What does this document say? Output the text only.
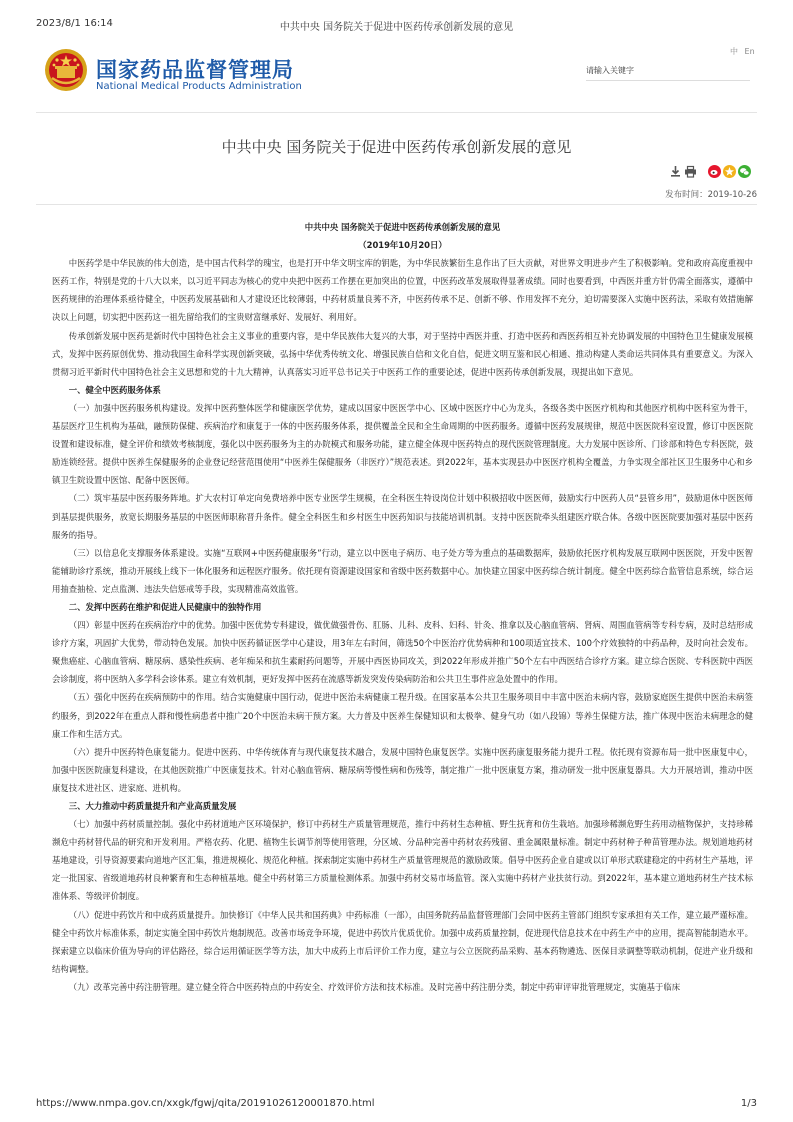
2023/8/1 16:14	中共中央 国务院关于促进中医药传承创新发展的意见
国家药品监督管理局
National Medical Products Administration
中 En
请输入关键字
中共中央 国务院关于促进中医药传承创新发展的意见
发布时间：2019-10-26

中共中央 国务院关于促进中医药传承创新发展的意见

（2019年10月20日）

中医药学是中华民族的伟大创造，是中国古代科学的瑰宝，也是打开中华文明宝库的钥匙，为中华民族繁衍生息作出了巨大贡献，对世界文明进步产生了积极影响。党和政府高度重视中医药工作，特别是党的十八大以来，以习近平同志为核心的党中央把中医药工作摆在更加突出的位置，中医药改革发展取得显著成绩。同时也要看到，中西医并重方针仍需全面落实，遵循中医药规律的治理体系亟待健全，中医药发展基础和人才建设还比较薄弱，中药材质量良莠不齐，中医药传承不足、创新不够、作用发挥不充分，迫切需要深入实施中医药法，采取有效措施解决以上问题，切实把中医药这一祖先留给我们的宝贵财富继承好、发展好、利用好。

传承创新发展中医药是新时代中国特色社会主义事业的重要内容，是中华民族伟大复兴的大事，对于坚持中西医并重、打造中医药和西医药相互补充协调发展的中国特色卫生健康发展模式，发挥中医药原创优势、推动我国生命科学实现创新突破，弘扬中华优秀传统文化、增强民族自信和文化自信，促进文明互鉴和民心相通、推动构建人类命运共同体具有重要意义。为深入贯彻习近平新时代中国特色社会主义思想和党的十九大精神，认真落实习近平总书记关于中医药工作的重要论述，促进中医药传承创新发展，现提出如下意见。

一、健全中医药服务体系

（一）加强中医药服务机构建设。发挥中医药整体医学和健康医学优势，建成以国家中医医学中心、区域中医医疗中心为龙头，各级各类中医医疗机构和其他医疗机构中医科室为骨干，基层医疗卫生机构为基础，融预防保健、疾病治疗和康复于一体的中医药服务体系，提供覆盖全民和全生命周期的中医药服务。遵循中医药发展规律，规范中医医院科室设置，修订中医医院设置和建设标准，健全评价和绩效考核制度，强化以中医药服务为主的办院模式和服务功能，建立健全体现中医药特点的现代医院管理制度。大力发展中医诊所、门诊部和特色专科医院，鼓励连锁经营。提供中医养生保健服务的企业登记经营范围使用“中医养生保健服务（非医疗）”规范表述。到2022年，基本实现县办中医医疗机构全覆盖，力争实现全部社区卫生服务中心和乡镇卫生院设置中医馆、配备中医医师。

（二）筑牢基层中医药服务阵地。扩大农村订单定向免费培养中医专业医学生规模，在全科医生特设岗位计划中积极招收中医医师，鼓励实行中医药人员“县管乡用”，鼓励退休中医医师到基层提供服务，放宽长期服务基层的中医医师职称晋升条件。健全全科医生和乡村医生中医药知识与技能培训机制。支持中医医院牵头组建医疗联合体。各级中医医院要加强对基层中医药服务的指导。

（三）以信息化支撑服务体系建设。实施“互联网+中医药健康服务”行动，建立以中医电子病历、电子处方等为重点的基础数据库，鼓励依托医疗机构发展互联网中医医院，开发中医智能辅助诊疗系统，推动开展线上线下一体化服务和远程医疗服务。依托现有资源建设国家和省级中医药数据中心。加快建立国家中医药综合统计制度。健全中医药综合监管信息系统，综合运用抽查抽检、定点监测、违法失信惩戒等手段，实现精准高效监管。

二、发挥中医药在维护和促进人民健康中的独特作用

（四）彰显中医药在疾病治疗中的优势。加强中医优势专科建设，做优做强骨伤、肛肠、儿科、皮科、妇科、针灸、推拿以及心脑血管病、肾病、周围血管病等专科专病，及时总结形成诊疗方案，巩固扩大优势，带动特色发展。加快中医药循证医学中心建设，用3年左右时间，筛选50个中医治疗优势病种和100项适宜技术、100个疗效独特的中药品种，及时向社会发布。聚焦癌症、心脑血管病、糖尿病、感染性疾病、老年痴呆和抗生素耐药问题等，开展中西医协同攻关，到2022年形成并推广50个左右中西医结合诊疗方案。建立综合医院、专科医院中西医会诊制度，将中医纳入多学科会诊体系。建立有效机制，更好发挥中医药在流感等新发突发传染病防治和公共卫生事件应急处置中的作用。

（五）强化中医药在疾病预防中的作用。结合实施健康中国行动，促进中医治未病健康工程升级。在国家基本公共卫生服务项目中丰富中医治未病内容，鼓励家庭医生提供中医治未病签约服务，到2022年在重点人群和慢性病患者中推广20个中医治未病干预方案。大力普及中医养生保健知识和太极拳、健身气功（如八段锦）等养生保健方法，推广体现中医治未病理念的健康工作和生活方式。

（六）提升中医药特色康复能力。促进中医药、中华传统体育与现代康复技术融合，发展中国特色康复医学。实施中医药康复服务能力提升工程。依托现有资源布局一批中医康复中心，加强中医医院康复科建设，在其他医院推广中医康复技术。针对心脑血管病、糖尿病等慢性病和伤残等，制定推广一批中医康复方案，推动研发一批中医康复器具。大力开展培训，推动中医康复技术进社区、进家庭、进机构。

三、大力推动中药质量提升和产业高质量发展

（七）加强中药材质量控制。强化中药材道地产区环境保护，修订中药材生产质量管理规范，推行中药材生态种植、野生抚育和仿生栽培。加强珍稀濒危野生药用动植物保护，支持珍稀濒危中药材替代品的研究和开发利用。严格农药、化肥、植物生长调节剂等使用管理，分区域、分品种完善中药材农药残留、重金属限量标准。制定中药材种子种苗管理办法。规划道地药材基地建设，引导资源要素向道地产区汇集，推进规模化、规范化种植。探索制定实施中药材生产质量管理规范的激励政策。倡导中医药企业自建或以订单形式联建稳定的中药材生产基地，评定一批国家、省级道地药材良种繁育和生态种植基地。健全中药材第三方质量检测体系。加强中药材交易市场监管。深入实施中药材产业扶贫行动。到2022年，基本建立道地药材生产技术标准体系、等级评价制度。

（八）促进中药饮片和中成药质量提升。加快修订《中华人民共和国药典》中药标准（一部），由国务院药品监督管理部门会同中医药主管部门组织专家承担有关工作，建立最严谨标准。健全中药饮片标准体系，制定实施全国中药饮片炮制规范。改善市场竞争环境，促进中药饮片优质优价。加强中成药质量控制，促进现代信息技术在中药生产中的应用，提高智能制造水平。探索建立以临床价值为导向的评估路径，综合运用循证医学等方法，加大中成药上市后评价工作力度，建立与公立医院药品采购、基本药物遴选、医保目录调整等联动机制，促进产业升级和结构调整。

（九）改革完善中药注册管理。建立健全符合中医药特点的中药安全、疗效评价方法和技术标准。及时完善中药注册分类，制定中药审评审批管理规定，实施基于临床

https://www.nmpa.gov.cn/xxgk/fgwj/qita/20191026120001870.html	1/3
